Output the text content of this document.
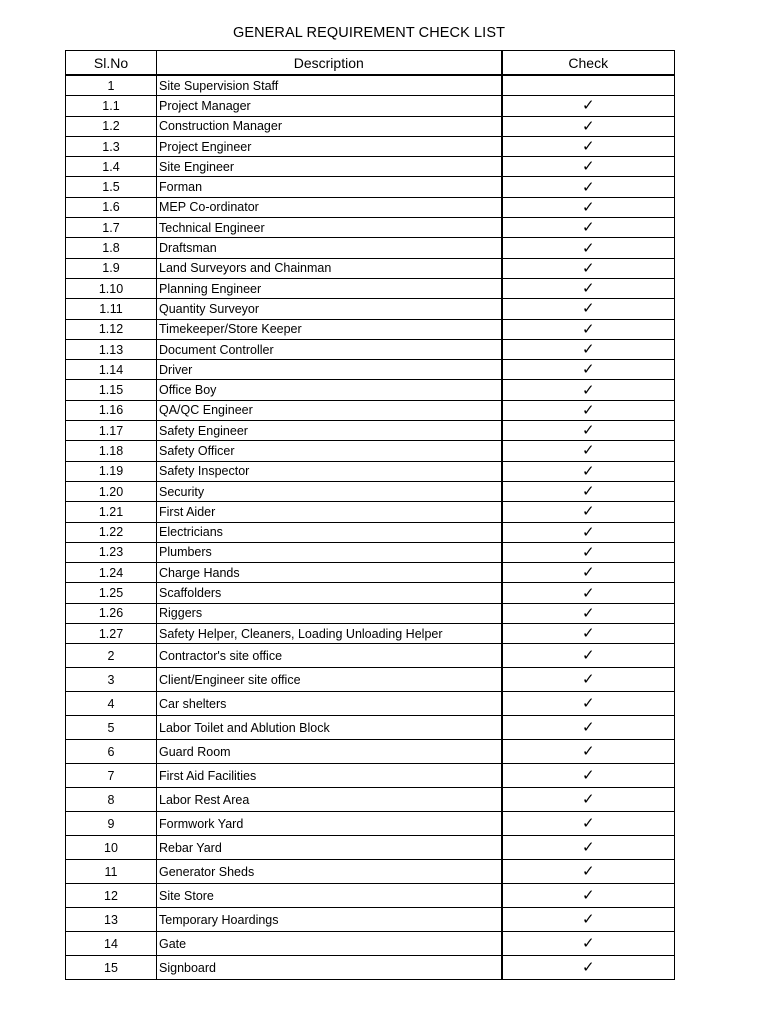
GENERAL REQUIREMENT CHECK LIST
Sl.No	Description	Check
1	Site Supervision Staff	
1.1	Project Manager	✓
1.2	Construction Manager	✓
1.3	Project Engineer	✓
1.4	Site Engineer	✓
1.5	Forman	✓
1.6	MEP Co-ordinator	✓
1.7	Technical Engineer	✓
1.8	Draftsman	✓
1.9	Land Surveyors and Chainman	✓
1.10	Planning Engineer	✓
1.11	Quantity Surveyor	✓
1.12	Timekeeper/Store Keeper	✓
1.13	Document Controller	✓
1.14	Driver	✓
1.15	Office Boy	✓
1.16	QA/QC Engineer	✓
1.17	Safety Engineer	✓
1.18	Safety Officer	✓
1.19	Safety Inspector	✓
1.20	Security	✓
1.21	First Aider	✓
1.22	Electricians	✓
1.23	Plumbers	✓
1.24	Charge Hands	✓
1.25	Scaffolders	✓
1.26	Riggers	✓
1.27	Safety Helper, Cleaners, Loading Unloading Helper	✓
2	Contractor's site office	✓
3	Client/Engineer site office	✓
4	Car shelters	✓
5	Labor Toilet and Ablution Block	✓
6	Guard Room	✓
7	First Aid Facilities	✓
8	Labor Rest Area	✓
9	Formwork Yard	✓
10	Rebar Yard	✓
11	Generator Sheds	✓
12	Site Store	✓
13	Temporary Hoardings	✓
14	Gate	✓
15	Signboard	✓
